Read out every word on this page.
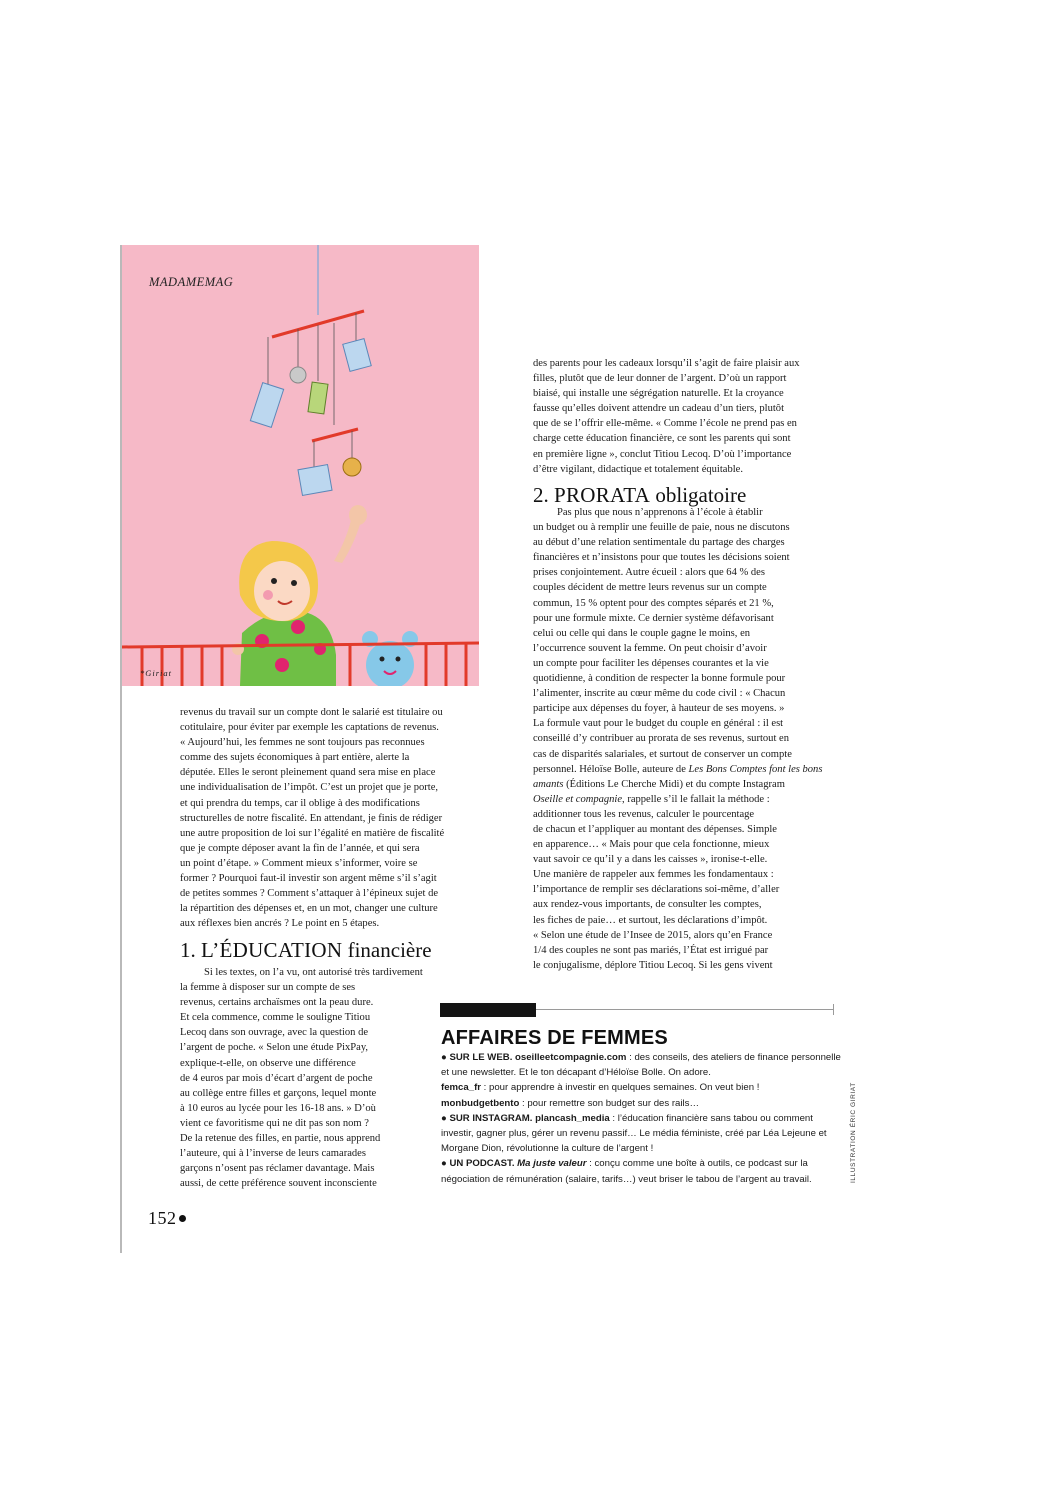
MADAMEMAG
*Giriat

des parents pour les cadeaux lorsqu’il s’agit de faire plaisir aux
filles, plutôt que de leur donner de l’argent. D’où un rapport
biaisé, qui installe une ségrégation naturelle. Et la croyance
fausse qu’elles doivent attendre un cadeau d’un tiers, plutôt
que de se l’offrir elle-même. « Comme l’école ne prend pas en
charge cette éducation financière, ce sont les parents qui sont
en première ligne », conclut Titiou Lecoq. D’où l’importance
d’être vigilant, didactique et totalement équitable.

2. PRORATA obligatoire

Pas plus que nous n’apprenons à l’école à établir
un budget ou à remplir une feuille de paie, nous ne discutons
au début d’une relation sentimentale du partage des charges
financières et n’insistons pour que toutes les décisions soient
prises conjointement. Autre écueil : alors que 64 % des
couples décident de mettre leurs revenus sur un compte
commun, 15 % optent pour des comptes séparés et 21 %,
pour une formule mixte. Ce dernier système défavorisant
celui ou celle qui dans le couple gagne le moins, en
l’occurrence souvent la femme. On peut choisir d’avoir
un compte pour faciliter les dépenses courantes et la vie
quotidienne, à condition de respecter la bonne formule pour
l’alimenter, inscrite au cœur même du code civil : « Chacun
participe aux dépenses du foyer, à hauteur de ses moyens. »
La formule vaut pour le budget du couple en général : il est
conseillé d’y contribuer au prorata de ses revenus, surtout en
cas de disparités salariales, et surtout de conserver un compte
personnel. Héloïse Bolle, auteure de Les Bons Comptes font les bons amants (Éditions Le Cherche Midi) et du compte Instagram
Oseille et compagnie, rappelle s’il le fallait la méthode :
additionner tous les revenus, calculer le pourcentage
de chacun et l’appliquer au montant des dépenses. Simple
en apparence… « Mais pour que cela fonctionne, mieux
vaut savoir ce qu’il y a dans les caisses », ironise-t-elle.
Une manière de rappeler aux femmes les fondamentaux :
l’importance de remplir ses déclarations soi-même, d’aller
aux rendez-vous importants, de consulter les comptes,
les fiches de paie… et surtout, les déclarations d’impôt.
« Selon une étude de l’Insee de 2015, alors qu’en France
1/4 des couples ne sont pas mariés, l’État est irrigué par
le conjugalisme, déplore Titiou Lecoq. Si les gens vivent

revenus du travail sur un compte dont le salarié est titulaire ou
cotitulaire, pour éviter par exemple les captations de revenus.
« Aujourd’hui, les femmes ne sont toujours pas reconnues
comme des sujets économiques à part entière, alerte la
députée. Elles le seront pleinement quand sera mise en place
une individualisation de l’impôt. C’est un projet que je porte,
et qui prendra du temps, car il oblige à des modifications
structurelles de notre fiscalité. En attendant, je finis de rédiger
une autre proposition de loi sur l’égalité en matière de fiscalité
que je compte déposer avant la fin de l’année, et qui sera
un point d’étape. » Comment mieux s’informer, voire se
former ? Pourquoi faut-il investir son argent même s’il s’agit
de petites sommes ? Comment s’attaquer à l’épineux sujet de
la répartition des dépenses et, en un mot, changer une culture
aux réflexes bien ancrés ? Le point en 5 étapes.

1. L’ÉDUCATION financière

Si les textes, on l’a vu, ont autorisé très tardivement
la femme à disposer sur un compte de ses
revenus, certains archaïsmes ont la peau dure.
Et cela commence, comme le souligne Titiou
Lecoq dans son ouvrage, avec la question de
l’argent de poche. « Selon une étude PixPay,
explique-t-elle, on observe une différence
de 4 euros par mois d’écart d’argent de poche
au collège entre filles et garçons, lequel monte
à 10 euros au lycée pour les 16-18 ans. » D’où
vient ce favoritisme qui ne dit pas son nom ?
De la retenue des filles, en partie, nous apprend
l’auteure, qui à l’inverse de leurs camarades
garçons n’osent pas réclamer davantage. Mais
aussi, de cette préférence souvent inconsciente

AFFAIRES DE FEMMES

● SUR LE WEB. oseilleetcompagnie.com : des conseils, des ateliers de finance personnelle et une newsletter. Et le ton décapant d’Héloïse Bolle. On adore.

femca_fr : pour apprendre à investir en quelques semaines. On veut bien !

monbudgetbento : pour remettre son budget sur des rails…

● SUR INSTAGRAM. plancash_media : l’éducation financière sans tabou ou comment investir, gagner plus, gérer un revenu passif… Le média féministe, créé par Léa Lejeune et Morgane Dion, révolutionne la culture de l’argent !

● UN PODCAST. Ma juste valeur : conçu comme une boîte à outils, ce podcast sur la négociation de rémunération (salaire, tarifs…) veut briser le tabou de l’argent au travail.	ILLUSTRATION ÉRIC GIRIAT
152
